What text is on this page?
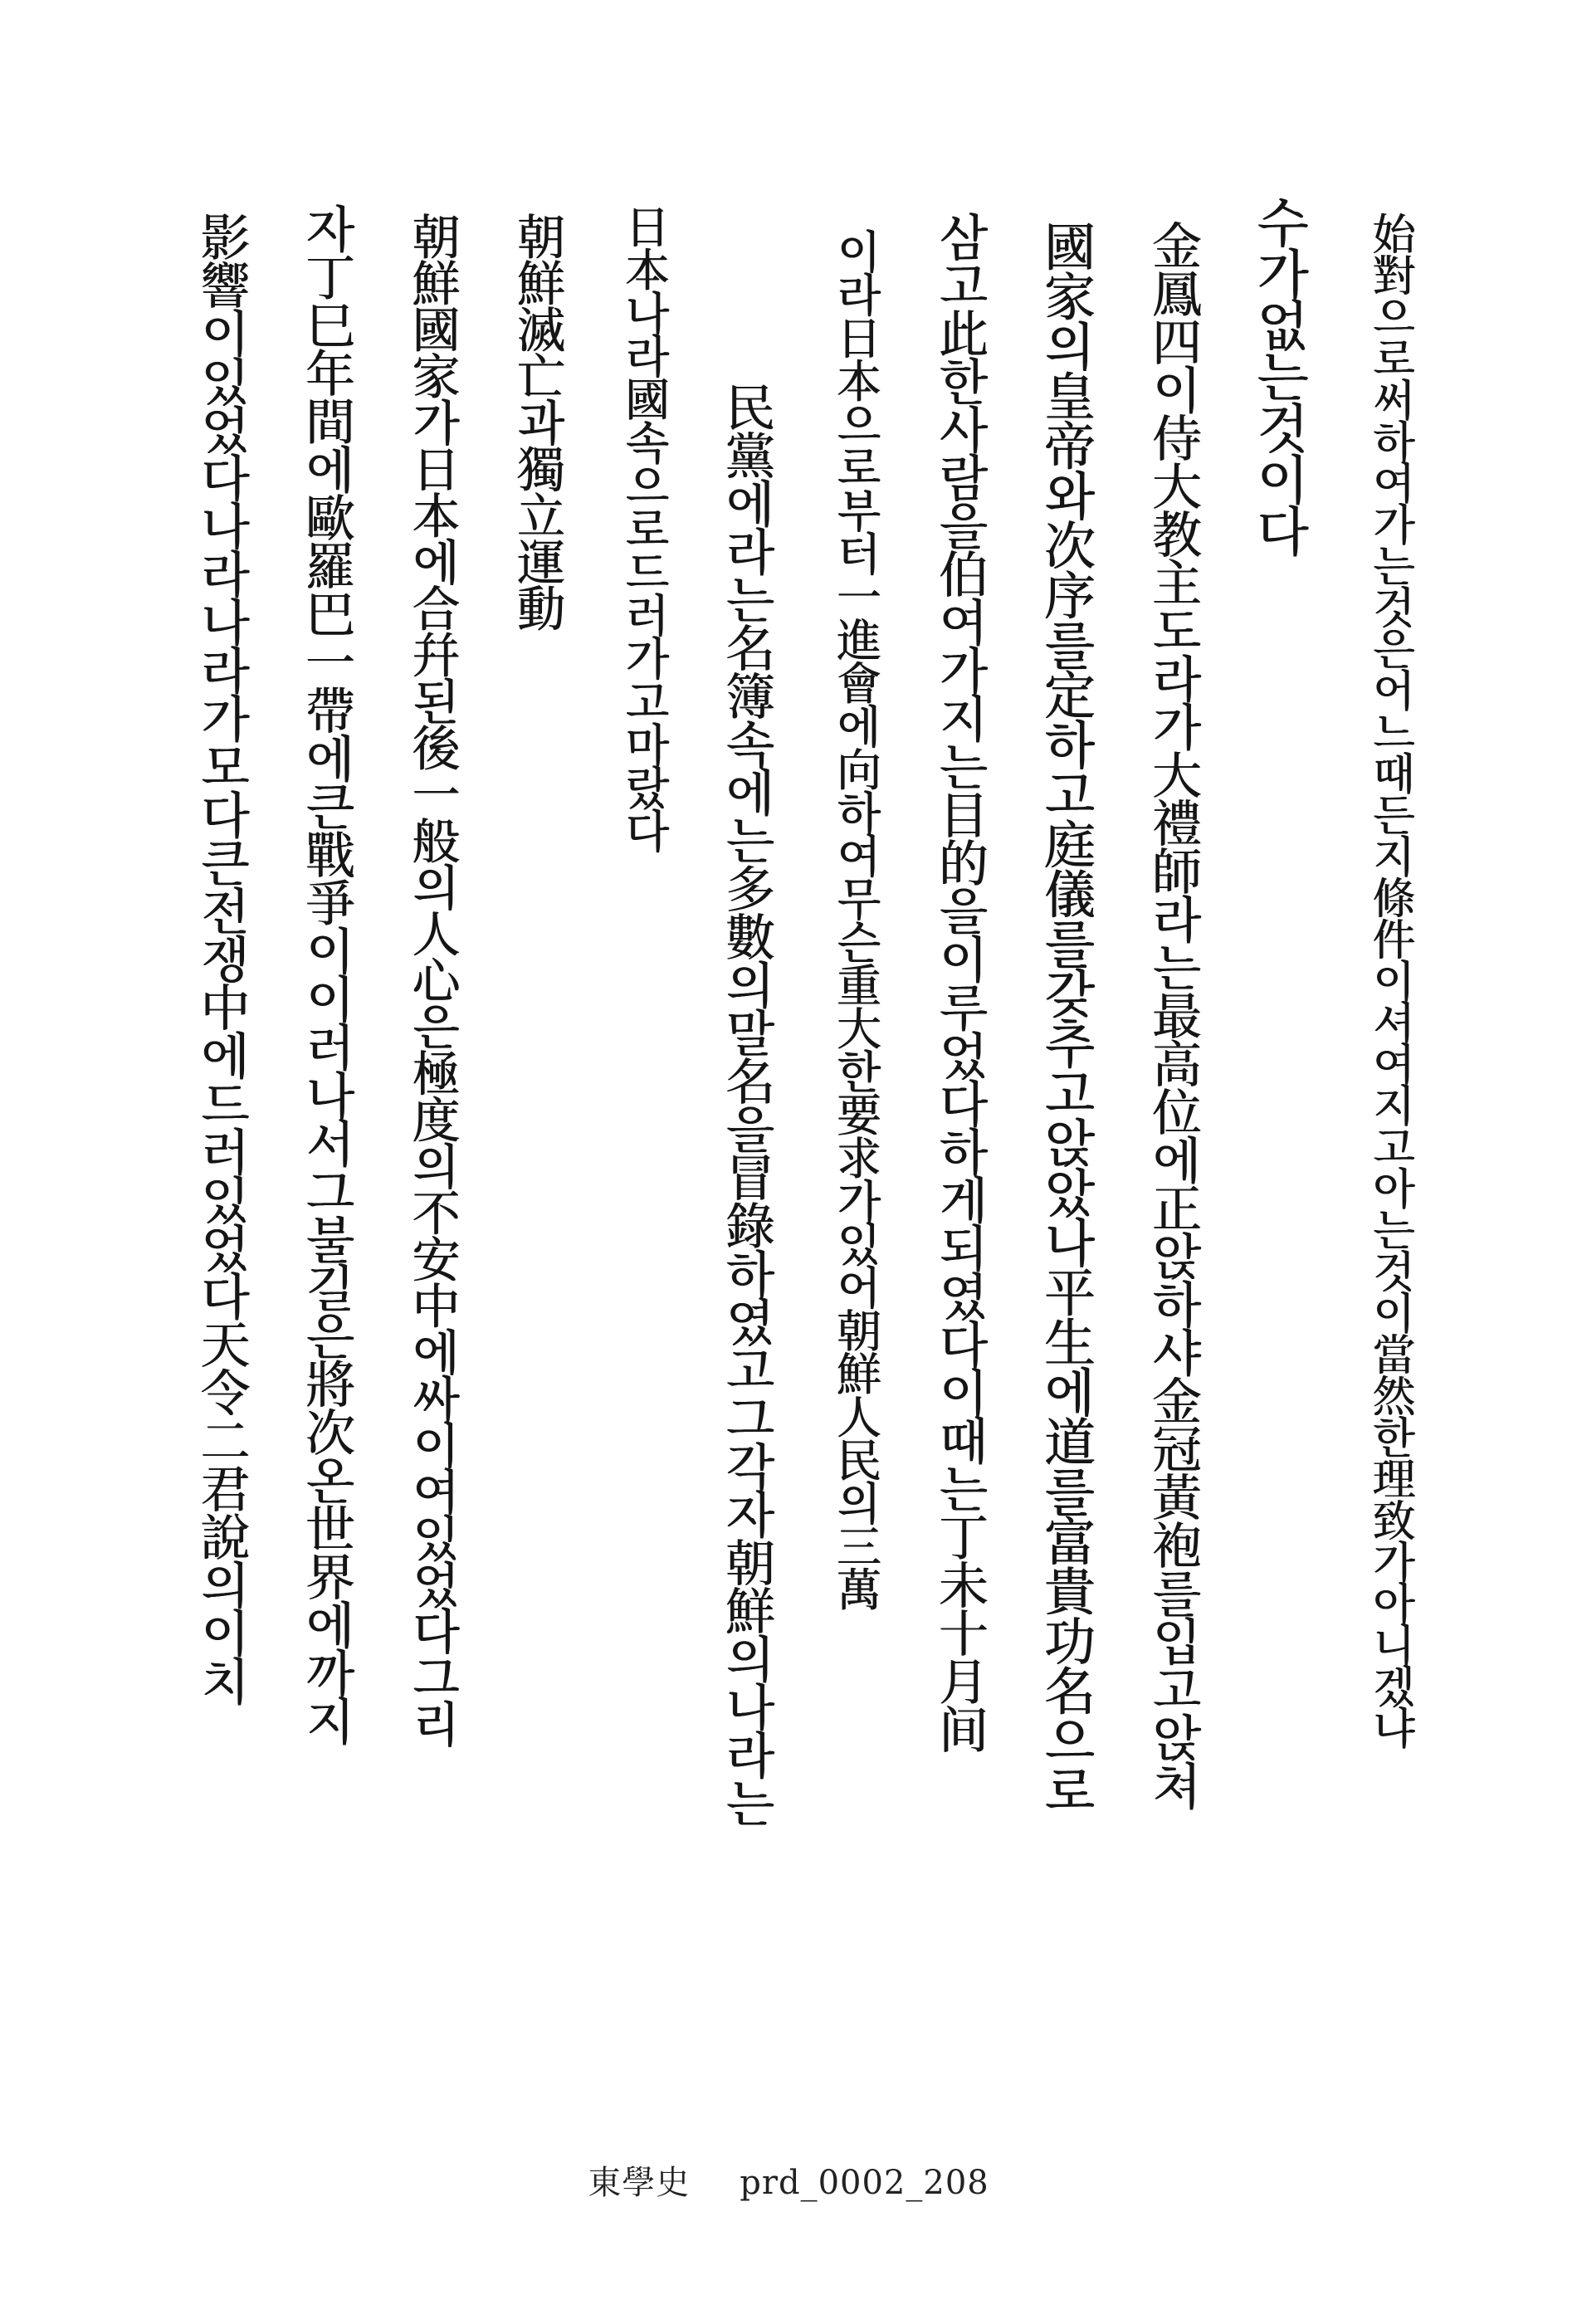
始對으로써하여가는것은어느때든지條件이셔여지고아는것이當然한理致가아니겠냐
수가없는것이다
金鳳四이侍大教主도라가大禮師라는最高位에正앉하샤金冠黃袍를입고앉쳐
國家의皇帝와次序를定하고庭儀를갖추고앉았나平生에道를富貴功名으로
삼고此한사람을伯여가지는目的을이루었다하게되였다이때는丁未十月间
이라日本으로부터一進會에向하여무슨重大한要求가있어朝鮮人民의三萬
民黨에라는名簿속에는多數의말名을冒錄하였고그각자朝鮮의나라는
日本나라國속으로드러가고마랐다
朝鮮滅亡과獨立運動
朝鮮國家가日本에合幷된後一般의人心은極度의不安中에싸이여있었다그리
자丁巳年間에歐羅巴一帶에큰戰爭이이러나서그불길은將次온世界에까지
影響이있었다나라나라가모다큰전쟁中에드러있었다天令二君說의이치
東學史 prd_0002_208
